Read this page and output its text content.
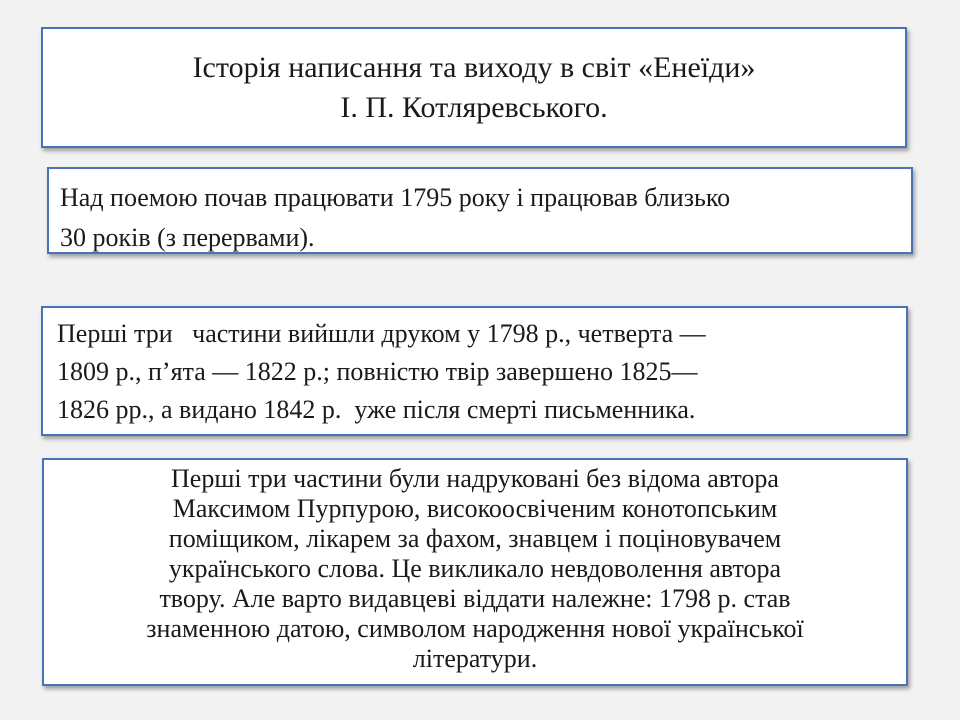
Історія написання та виходу в світ «Енеїди»
І. П. Котляревського.
Над поемою почав працювати 1795 року і працював близько
30 років (з перервами).
Перші три   частини вийшли друком у 1798 р., четверта —
1809 р., п’ята — 1822 р.; повністю твір завершено 1825—
1826 рр., а видано 1842 р.  уже після смерті письменника.
Перші три частини були надруковані без відома автора
Максимом Пурпурою, високоосвіченим конотопським
поміщиком, лікарем за фахом, знавцем і поціновувачем
українського слова. Це викликало невдоволення автора
твору. Але варто видавцеві віддати належне: 1798 р. став
знаменною датою, символом народження нової української
літератури.
